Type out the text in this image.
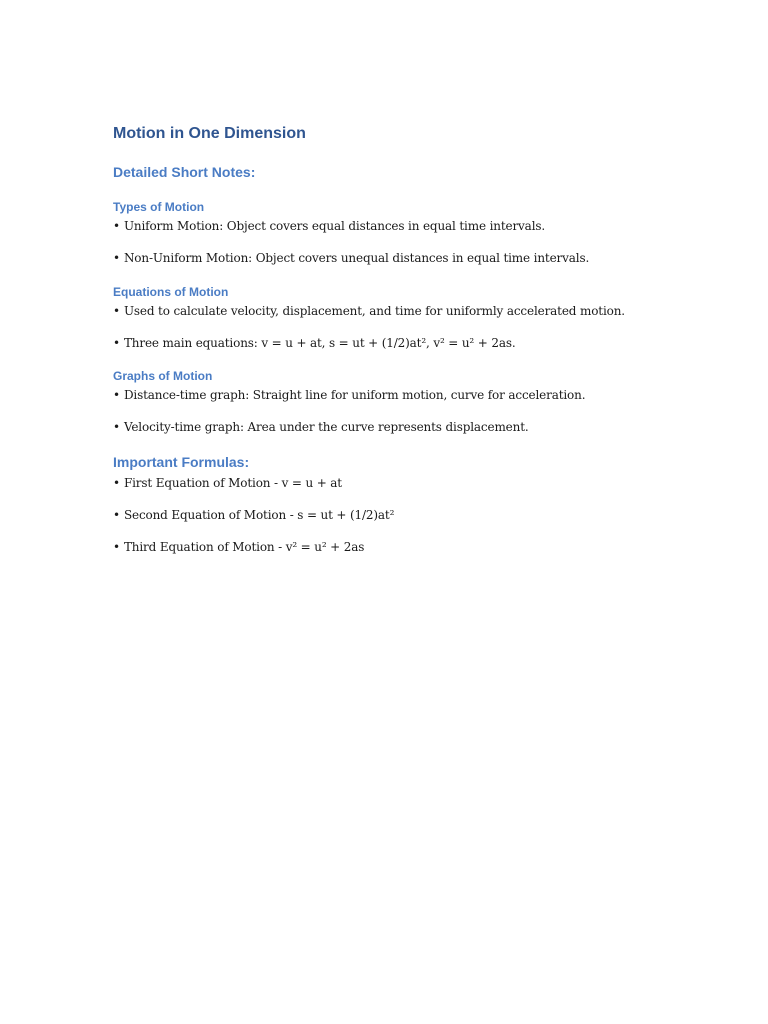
Motion in One Dimension
Detailed Short Notes:
Types of Motion

• Uniform Motion: Object covers equal distances in equal time intervals.

• Non-Uniform Motion: Object covers unequal distances in equal time intervals.

Equations of Motion

• Used to calculate velocity, displacement, and time for uniformly accelerated motion.

• Three main equations: v = u + at, s = ut + (1/2)at², v² = u² + 2as.

Graphs of Motion

• Distance-time graph: Straight line for uniform motion, curve for acceleration.

• Velocity-time graph: Area under the curve represents displacement.

Important Formulas:

• First Equation of Motion - v = u + at

• Second Equation of Motion - s = ut + (1/2)at²

• Third Equation of Motion - v² = u² + 2as
